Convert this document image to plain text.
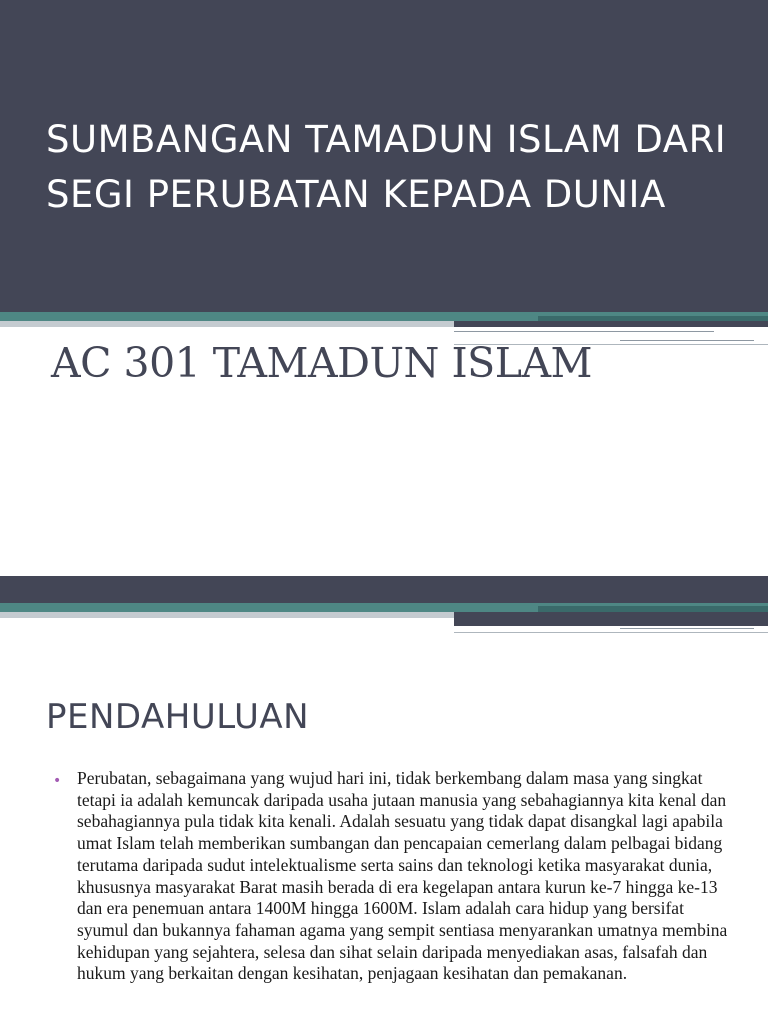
SUMBANGAN TAMADUN ISLAM DARI SEGI PERUBATAN KEPADA DUNIA
AC 301 TAMADUN ISLAM
PENDAHULUAN
• Perubatan, sebagaimana yang wujud hari ini, tidak berkembang dalam masa yang singkat tetapi ia adalah kemuncak daripada usaha jutaan manusia yang sebahagiannya kita kenal dan sebahagiannya pula tidak kita kenali. Adalah sesuatu yang tidak dapat disangkal lagi apabila umat Islam telah memberikan sumbangan dan pencapaian cemerlang dalam pelbagai bidang terutama daripada sudut intelektualisme serta sains dan teknologi ketika masyarakat dunia, khususnya masyarakat Barat masih berada di era kegelapan antara kurun ke-7 hingga ke-13 dan era penemuan antara 1400M hingga 1600M. Islam adalah cara hidup yang bersifat syumul dan bukannya fahaman agama yang sempit sentiasa menyarankan umatnya membina kehidupan yang sejahtera, selesa dan sihat selain daripada menyediakan asas, falsafah dan hukum yang berkaitan dengan kesihatan, penjagaan kesihatan dan pemakanan.
